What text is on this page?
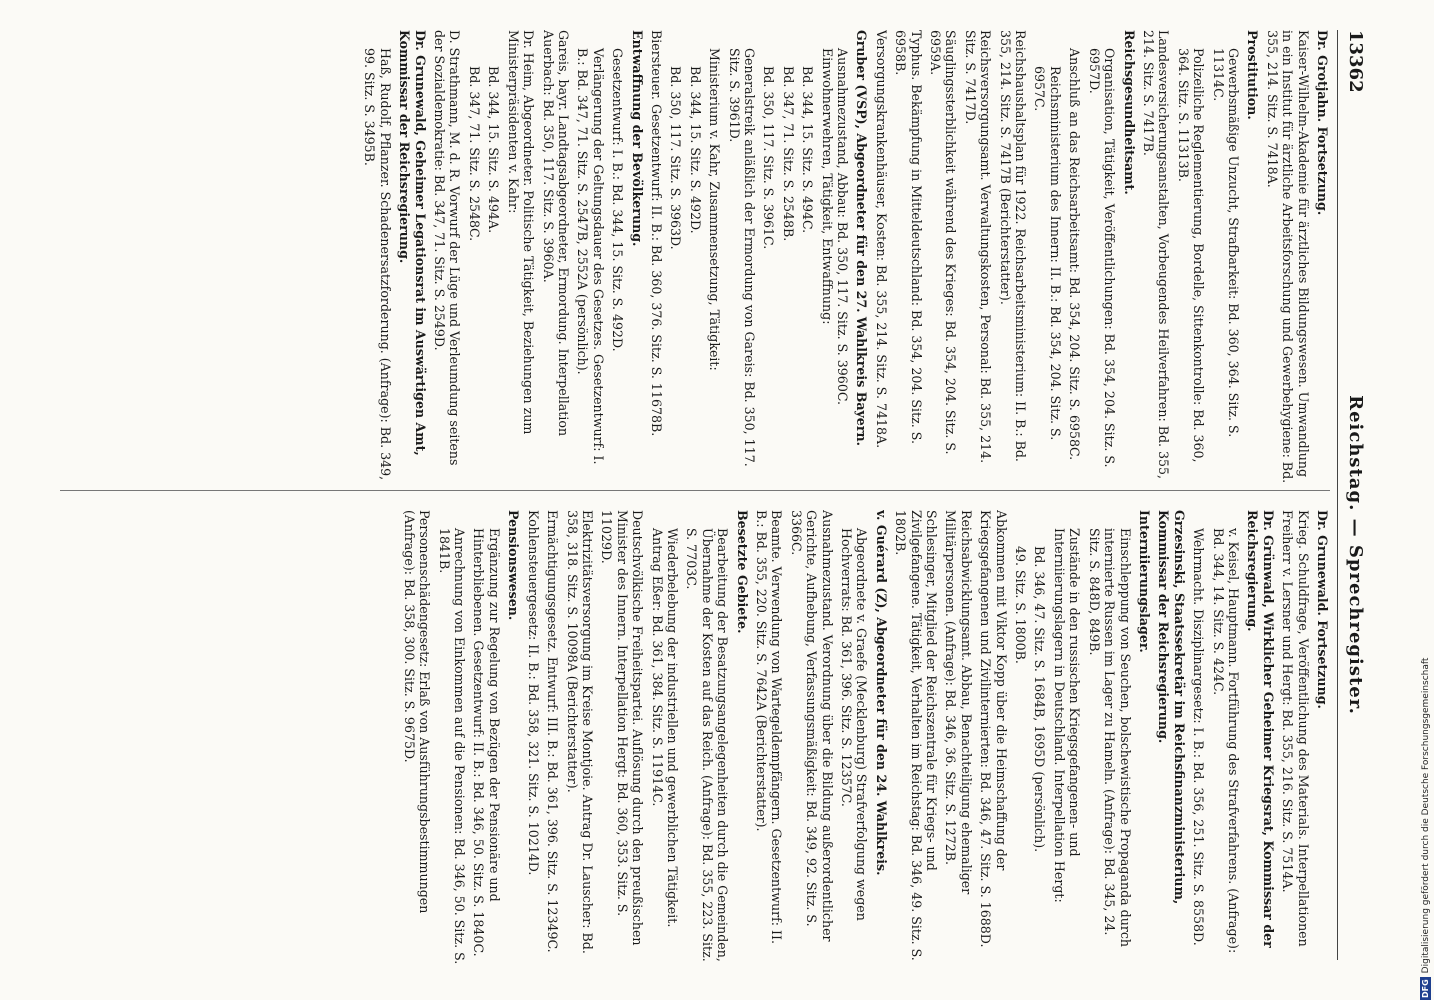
13362
Reichstag. — Sprechregister.
Dr. Grotjahn. Fortsetzung.
Kaiser-Wilhelm-Akademie für ärztliches Bildungswesen. Umwandlung in ein Institut für ärztliche Arbeitsforschung und Gewerbehygiene: Bd. 355, 214. Sitz. S. 7418A.
Prostitution.
Gewerbsmäßige Unzucht, Strafbarkeit: Bd. 360, 364. Sitz. S. 11314C.
Polizeiliche Reglementierung, Bordelle, Sittenkontrolle: Bd. 360, 364. Sitz. S. 11313B.
Landesversicherungsanstalten, Vorbeugendes Heilverfahren: Bd. 355, 214. Sitz. S. 7417B.
Reichsgesundheitsamt.
Organisation, Tätigkeit, Veröffentlichungen: Bd. 354, 204. Sitz. S. 6957D.
Anschluß an das Reichsarbeitsamt: Bd. 354, 204. Sitz. S. 6958C.
Reichsministerium des Innern: II. B.: Bd. 354, 204. Sitz. S. 6957C.
Reichshaushaltsplan für 1922. Reichsarbeitsministerium: II. B.: Bd. 355, 214. Sitz. S. 7417B (Berichterstatter).
Reichsversorgungsamt. Verwaltungskosten, Personal: Bd. 355, 214. Sitz. S. 7417D.
Säuglingssterblichkeit während des Krieges: Bd. 354, 204. Sitz. S. 6959A.
Typhus. Bekämpfung in Mitteldeutschland: Bd. 354, 204. Sitz. S. 6958B.
Versorgungskrankenhäuser, Kosten: Bd. 355, 214. Sitz. S. 7418A.
Gruber (VSP), Abgeordneter für den 27. Wahlkreis Bayern.
Ausnahmezustand, Abbau: Bd. 350, 117. Sitz. S. 3960C. Einwohnerwehren, Tätigkeit, Entwaffnung:
Bd. 344, 15. Sitz. S. 494C.
Bd. 347, 71. Sitz. S. 2548B.
Bd. 350, 117. Sitz. S. 3961C.
Generalstreik anläßlich der Ermordung von Gareis: Bd. 350, 117. Sitz. S. 3961D.
Ministerium v. Kahr, Zusammensetzung, Tätigkeit:
Bd. 344, 15. Sitz. S. 492D.
Bd. 350, 117. Sitz. S. 3963D.
Biersteuer. Gesetzentwurf: II. B.: Bd. 360, 376. Sitz. S. 11678B.
Entwaffnung der Bevölkerung.
Gesetzentwurf: I. B.: Bd. 344, 15. Sitz. S. 492D.
Verlängerung der Geltungsdauer des Gesetzes. Gesetzentwurf: I. B.: Bd. 347, 71. Sitz. S. 2547B, 2552A (persönlich).
Gareis, bayr. Landtagsabgeordneter, Ermordung. Interpellation Auerbach: Bd. 350, 117. Sitz. S. 3960A.
Dr. Heim, Abgeordneter. Politische Tätigkeit, Beziehungen zum Ministerpräsidenten v. Kahr:
Bd. 344, 15. Sitz. S. 494A.
Bd. 347, 71. Sitz. S. 2548C.
D. Strathmann, M. d. R. Vorwurf der Lüge und Verleumdung seitens der Sozialdemokratie: Bd. 347, 71. Sitz. S. 2549D.
Dr. Grunewald, Geheimer Legationsrat im Auswärtigen Amt, Kommissar der Reichsregierung.
Haß, Rudolf, Pflanzer. Schadenersatzforderung. (Anfrage): Bd. 349, 99. Sitz. S. 3495B.
Dr. Grunewald. Fortsetzung.
Krieg. Schuldfrage, Veröffentlichung des Materials. Interpellationen Freiherr v. Lersner und Hergt: Bd. 355, 216. Sitz. S. 7514A.
Dr. Grünwald, Wirklicher Geheimer Kriegsrat, Kommissar der Reichsregierung.
v. Keisel, Hauptmann. Fortführung des Strafverfahrens. (Anfrage): Bd. 344, 14. Sitz. S. 424C.
Wehrmacht. Disziplinargesetz: I. B.: Bd. 356, 251. Sitz. S. 8558D.
Grzesinski, Staatssekretär im Reichsfinanzministerium, Kommissar der Reichsregierung.
Interniierungslager.
Einschleppung von Seuchen, bolschewistische Propaganda durch internierte Russen im Lager zu Hameln. (Anfrage): Bd. 345, 24. Sitz. S. 848D, 849B.
Zustände in den russischen Kriegsgefangenen- und Interniierungslagern in Deutschland. Interpellation Hergt:
Bd. 346, 47. Sitz. S. 1684B, 1695D (persönlich).
49. Sitz. S. 1800B.
Abkommen mit Viktor Kopp über die Heimschaffung der Kriegsgefangenen und Zivilinternierten: Bd. 346, 47. Sitz. S. 1688D.
Reichsabwicklungsamt. Abbau, Benachteiligung ehemaliger Militärpersonen. (Anfrage): Bd. 346, 36. Sitz. S. 1272B.
Schlesinger, Mitglied der Reichszentrale für Kriegs- und Zivilgefangene. Tätigkeit, Verhalten im Reichstag: Bd. 346, 49. Sitz. S. 1802B.
v. Guérard (Z), Abgeordneter für den 24. Wahlkreis.
Abgeordnete v. Graefe (Mecklenburg) Strafverfolgung wegen Hochverrats: Bd. 361, 396. Sitz. S. 12357C.
Ausnahmezustand. Verordnung über die Bildung außerordentlicher Gerichte, Aufhebung, Verfassungsmäßigkeit: Bd. 349, 92. Sitz. S. 3366C.
Beamte. Verwendung von Wartegeldempfängern. Gesetzentwurf: II. B.: Bd. 355, 220. Sitz. S. 7642A (Berichterstatter).
Besetzte Gebiete.
Bearbeitung der Besatzungsangelegenheiten durch die Gemeinden, Übernahme der Kosten auf das Reich. (Anfrage): Bd. 355, 223. Sitz. S. 7703C.
Wiederbelebung der industriellen und gewerblichen Tätigkeit. Antrag Eßer: Bd. 361, 384. Sitz. S. 11914C.
Deutschvölkische Freiheitspartei. Auflösung durch den preußischen Minister des Innern. Interpellation Hergt: Bd. 360, 353. Sitz. S. 11029D.
Elektrizitätsversorgung im Kreise Montjoie. Antrag Dr. Lauscher: Bd. 358, 318. Sitz. S. 10098A (Berichterstatter).
Ermächtigungsgesetz. Entwurf: III. B.: Bd. 361, 396. Sitz. S. 12349C.
Kohlensteuergesetz: II. B.: Bd. 358, 321. Sitz. S. 10214D.
Pensionswesen.
Ergänzung zur Regelung von Bezügen der Pensionäre und Hinterbliebenen. Gesetzentwurf: II. B.: Bd. 346, 50. Sitz. S. 1840C.
Anrechnung von Einkommen auf die Pensionen: Bd. 346, 50. Sitz. S. 1841B.
Personenschädengesetz: Erlaß von Ausführungsbestimmungen (Anfrage): Bd. 358, 300. Sitz. S. 9675D.
DFG
Digitalisierung gefördert durch die Deutsche Forschungsgemeinschaft
